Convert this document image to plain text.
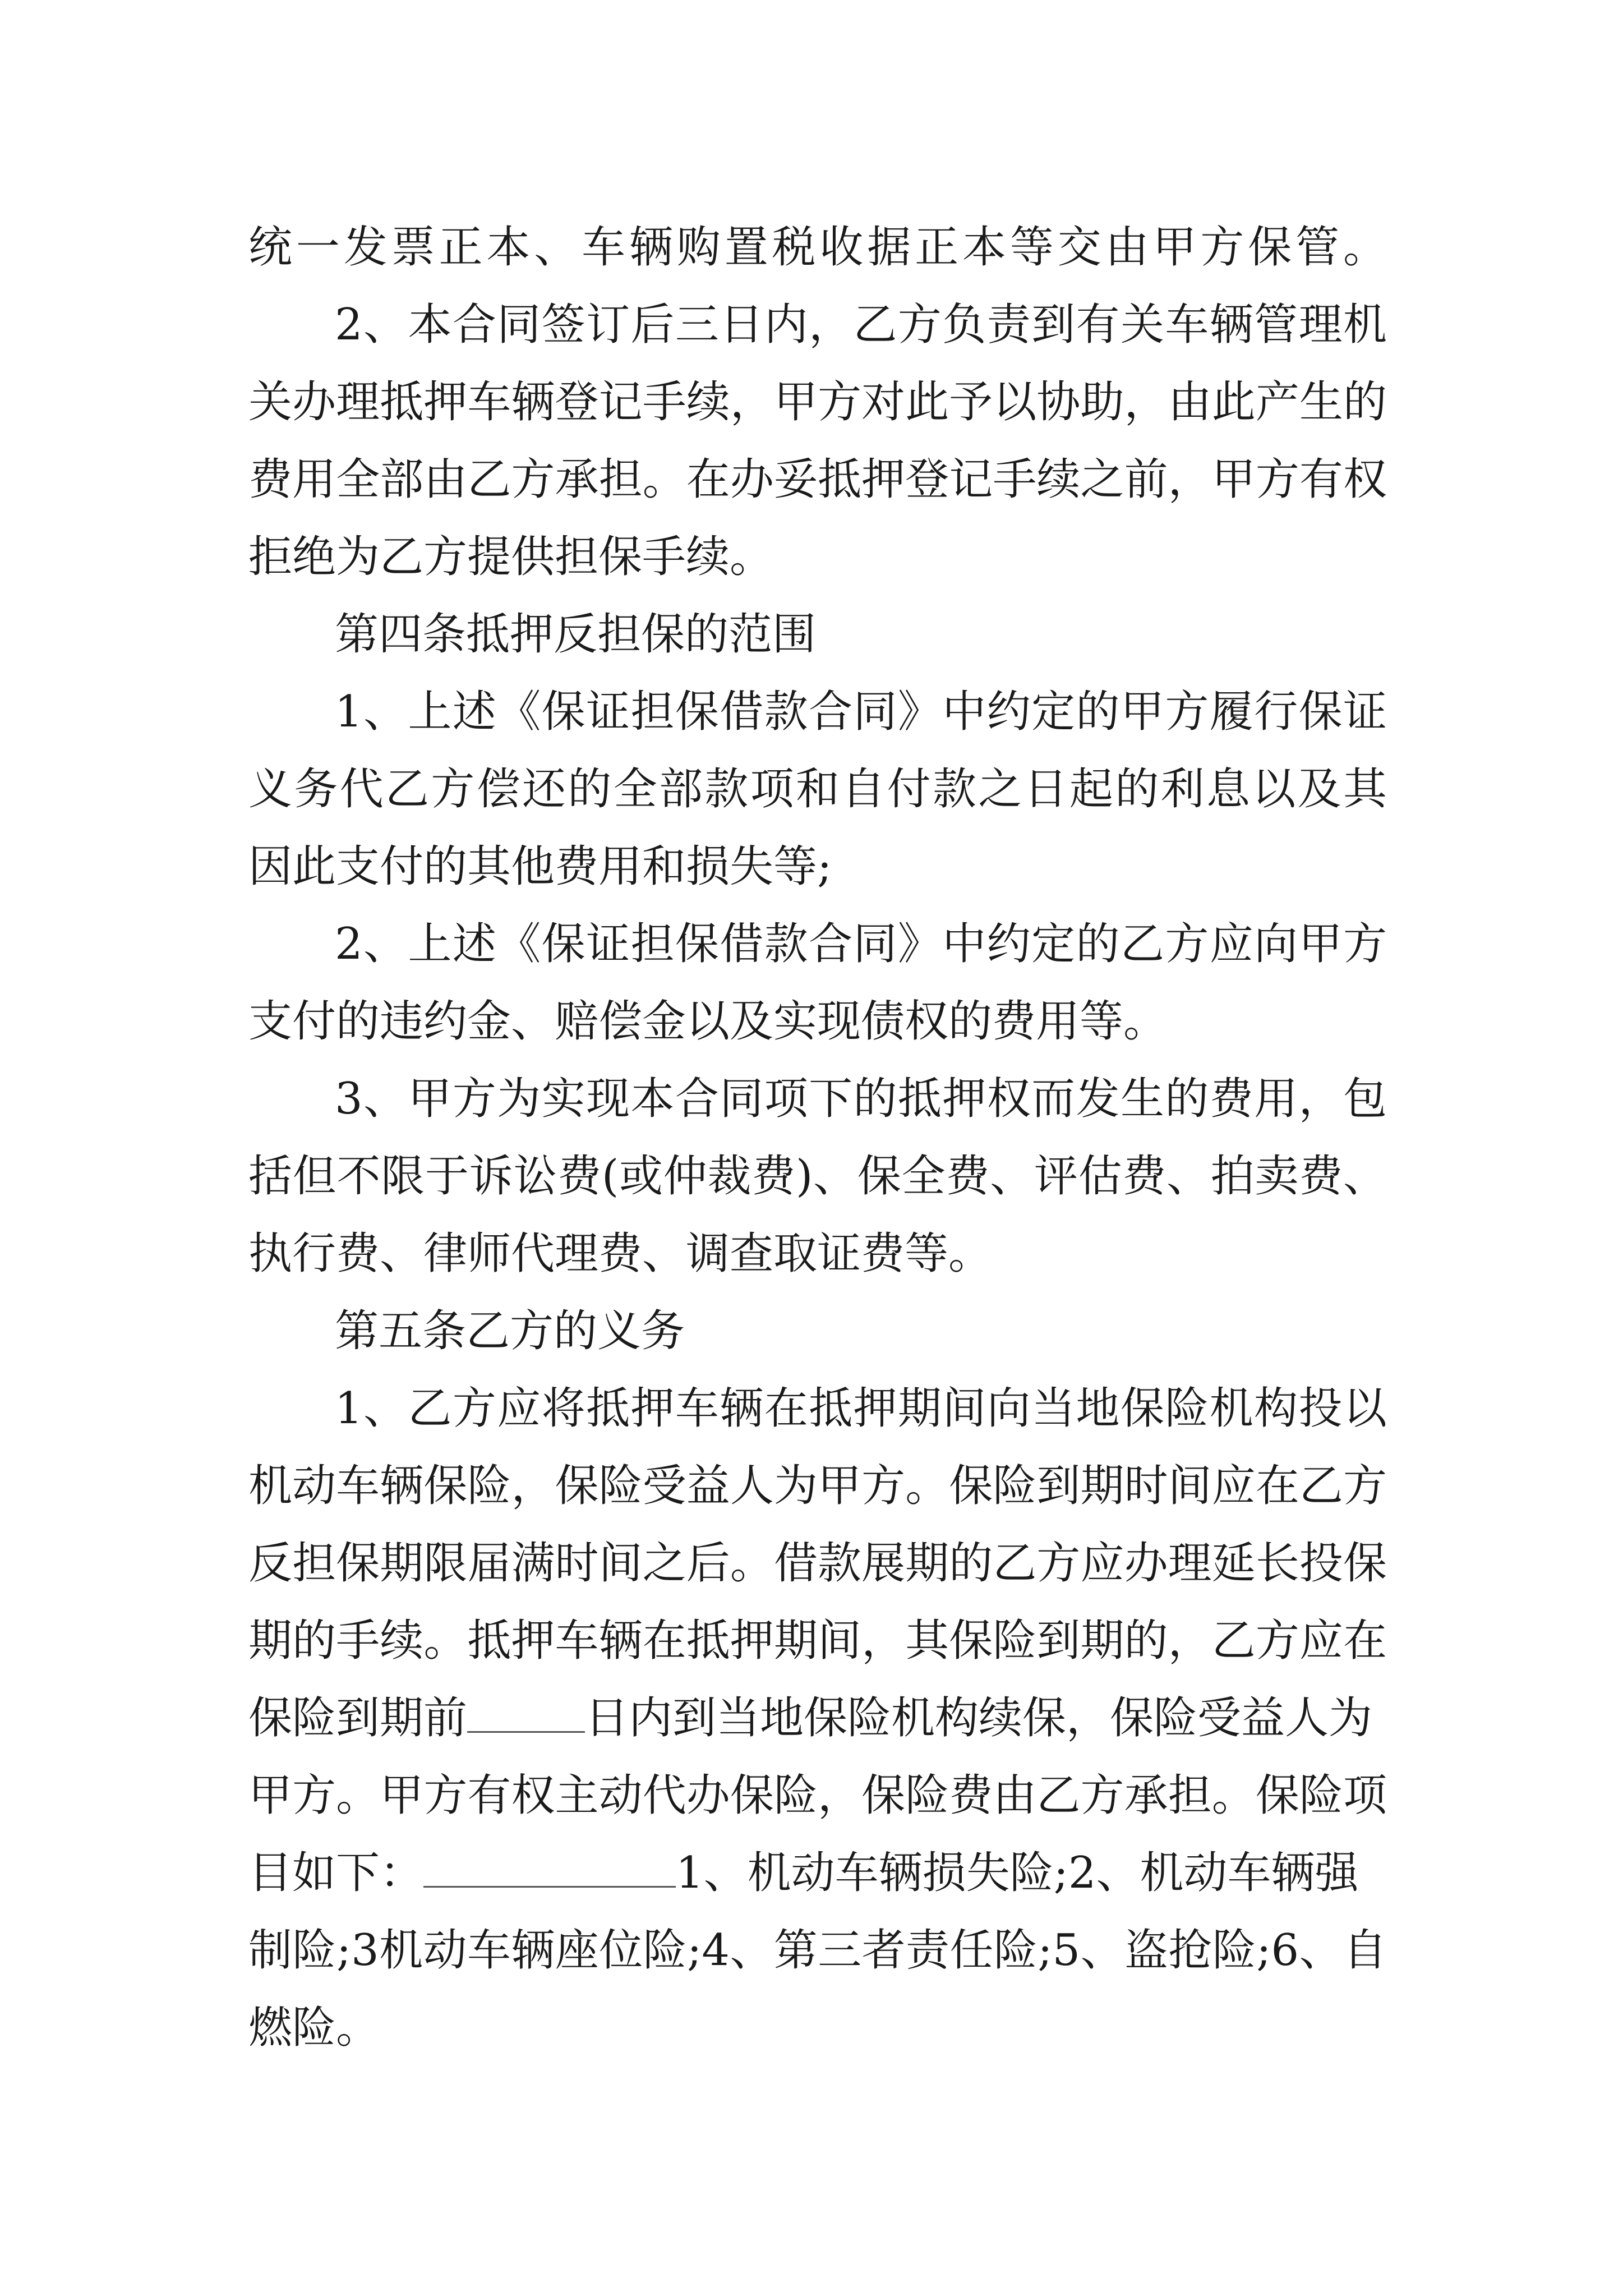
统一发票正本、车辆购置税收据正本等交由甲方保管。
2、本合同签订后三日内，乙方负责到有关车辆管理机
关办理抵押车辆登记手续，甲方对此予以协助，由此产生的
费用全部由乙方承担。在办妥抵押登记手续之前，甲方有权
拒绝为乙方提供担保手续。
第四条抵押反担保的范围
1、上述《保证担保借款合同》中约定的甲方履行保证
义务代乙方偿还的全部款项和自付款之日起的利息以及其
因此支付的其他费用和损失等;
2、上述《保证担保借款合同》中约定的乙方应向甲方
支付的违约金、赔偿金以及实现债权的费用等。
3、甲方为实现本合同项下的抵押权而发生的费用，包
括但不限于诉讼费(或仲裁费)、保全费、评估费、拍卖费、
执行费、律师代理费、调查取证费等。
第五条乙方的义务
1、乙方应将抵押车辆在抵押期间向当地保险机构投以
机动车辆保险，保险受益人为甲方。保险到期时间应在乙方
反担保期限届满时间之后。借款展期的乙方应办理延长投保
期的手续。抵押车辆在抵押期间，其保险到期的，乙方应在
保险到期前	日内到当地保险机构续保，保险受益人为
甲方。甲方有权主动代办保险，保险费由乙方承担。保险项
目如下：	1、机动车辆损失险;2、机动车辆强
制险;3机动车辆座位险;4、第三者责任险;5、盗抢险;6、自
燃险。
